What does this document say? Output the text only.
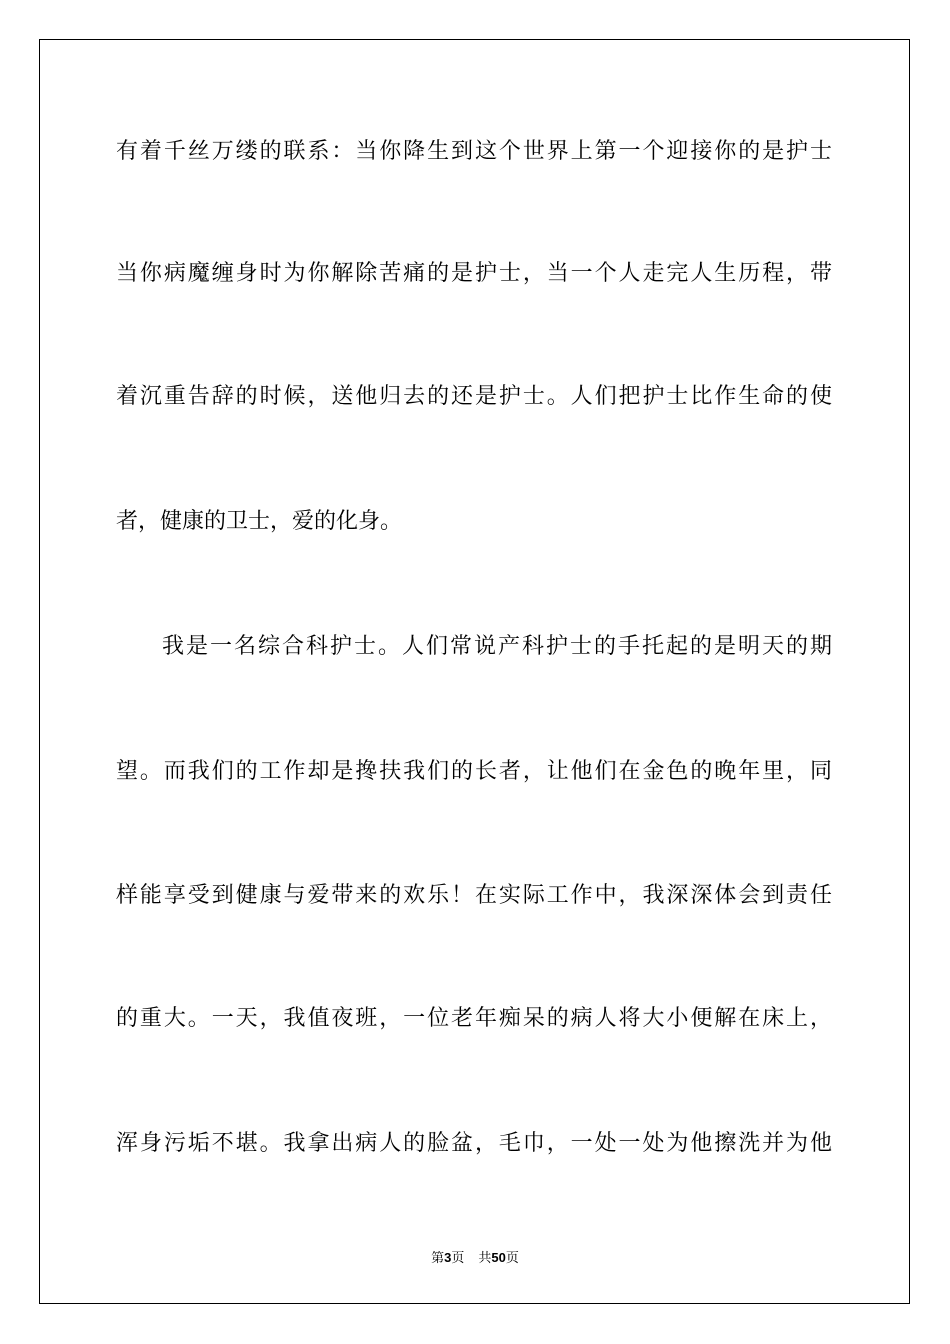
有着千丝万缕的联系：当你降生到这个世界上第一个迎接你的是护士
当你病魔缠身时为你解除苦痛的是护士，当一个人走完人生历程，带
着沉重告辞的时候，送他归去的还是护士。人们把护士比作生命的使
者，健康的卫士，爱的化身。
我是一名综合科护士。人们常说产科护士的手托起的是明天的期
望。而我们的工作却是搀扶我们的长者，让他们在金色的晚年里，同
样能享受到健康与爱带来的欢乐！在实际工作中，我深深体会到责任
的重大。一天，我值夜班，一位老年痴呆的病人将大小便解在床上，
浑身污垢不堪。我拿出病人的脸盆，毛巾，一处一处为他擦洗并为他
第3页 共50页
